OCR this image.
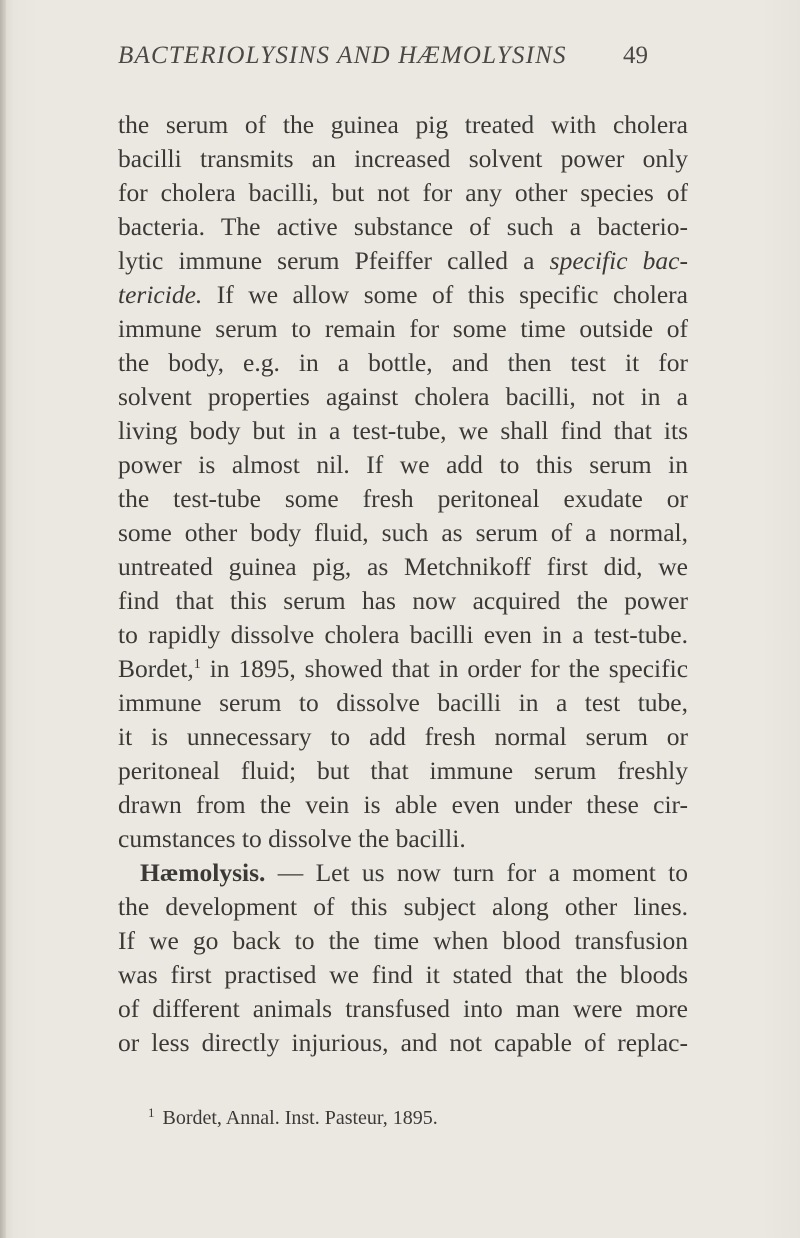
BACTERIOLYSINS AND HÆMOLYSINS 49
the serum of the guinea pig treated with cholera
bacilli transmits an increased solvent power only
for cholera bacilli, but not for any other species of
bacteria. The active substance of such a bacterio-
lytic immune serum Pfeiffer called a specific bac-
tericide. If we allow some of this specific cholera
immune serum to remain for some time outside of
the body, e.g. in a bottle, and then test it for
solvent properties against cholera bacilli, not in a
living body but in a test-tube, we shall find that its
power is almost nil. If we add to this serum in
the test-tube some fresh peritoneal exudate or
some other body fluid, such as serum of a normal,
untreated guinea pig, as Metchnikoff first did, we
find that this serum has now acquired the power
to rapidly dissolve cholera bacilli even in a test-tube.
Bordet,$^1$ in 1895, showed that in order for the specific
immune serum to dissolve bacilli in a test tube,
it is unnecessary to add fresh normal serum or
peritoneal fluid; but that immune serum freshly
drawn from the vein is able even under these cir-
cumstances to dissolve the bacilli.
Hæmolysis. — Let us now turn for a moment to
the development of this subject along other lines.
If we go back to the time when blood transfusion
was first practised we find it stated that the bloods
of different animals transfused into man were more
or less directly injurious, and not capable of replac-
$^1$ Bordet, Annal. Inst. Pasteur, 1895.
